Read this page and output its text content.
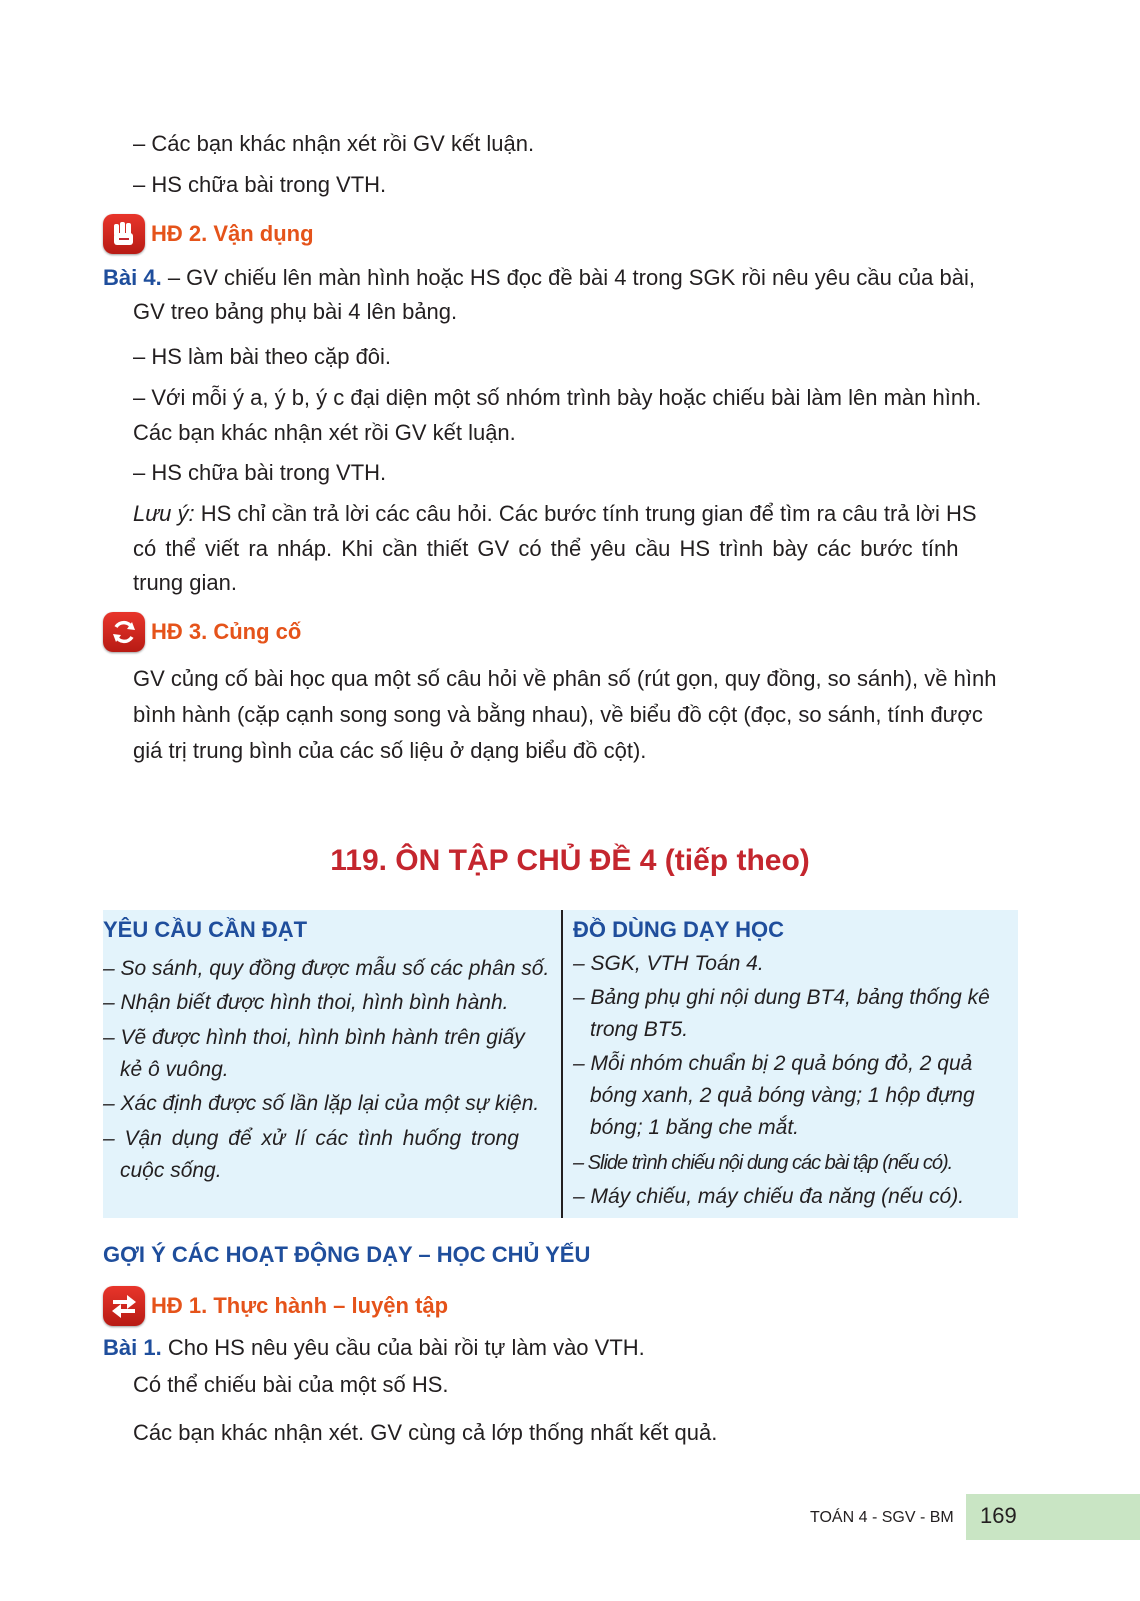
– Các bạn khác nhận xét rồi GV kết luận.
– HS chữa bài trong VTH.
HĐ 2. Vận dụng
Bài 4. – GV chiếu lên màn hình hoặc HS đọc đề bài 4 trong SGK rồi nêu yêu cầu của bài,
GV treo bảng phụ bài 4 lên bảng.
– HS làm bài theo cặp đôi.
– Với mỗi ý a, ý b, ý c đại diện một số nhóm trình bày hoặc chiếu bài làm lên màn hình.
Các bạn khác nhận xét rồi GV kết luận.
– HS chữa bài trong VTH.
Lưu ý: HS chỉ cần trả lời các câu hỏi. Các bước tính trung gian để tìm ra câu trả lời HS
có thể viết ra nháp. Khi cần thiết GV có thể yêu cầu HS trình bày các bước tính
trung gian.
HĐ 3. Củng cố
GV củng cố bài học qua một số câu hỏi về phân số (rút gọn, quy đồng, so sánh), về hình
bình hành (cặp cạnh song song và bằng nhau), về biểu đồ cột (đọc, so sánh, tính được
giá trị trung bình của các số liệu ở dạng biểu đồ cột).
119. ÔN TẬP CHỦ ĐỀ 4 (tiếp theo)
YÊU CẦU CẦN ĐẠT
– So sánh, quy đồng được mẫu số các phân số.
– Nhận biết được hình thoi, hình bình hành.
– Vẽ được hình thoi, hình bình hành trên giấy
kẻ ô vuông.
– Xác định được số lần lặp lại của một sự kiện.
– Vận dụng để xử lí các tình huống trong
cuộc sống.
ĐỒ DÙNG DẠY HỌC
– SGK, VTH Toán 4.
– Bảng phụ ghi nội dung BT4, bảng thống kê
trong BT5.
– Mỗi nhóm chuẩn bị 2 quả bóng đỏ, 2 quả
bóng xanh, 2 quả bóng vàng; 1 hộp đựng
bóng; 1 băng che mắt.
– Slide trình chiếu nội dung các bài tập (nếu có).
– Máy chiếu, máy chiếu đa năng (nếu có).
GỢI Ý CÁC HOẠT ĐỘNG DẠY – HỌC CHỦ YẾU
HĐ 1. Thực hành – luyện tập
Bài 1. Cho HS nêu yêu cầu của bài rồi tự làm vào VTH.
Có thể chiếu bài của một số HS.
Các bạn khác nhận xét. GV cùng cả lớp thống nhất kết quả.
TOÁN 4 - SGV - BM 169
